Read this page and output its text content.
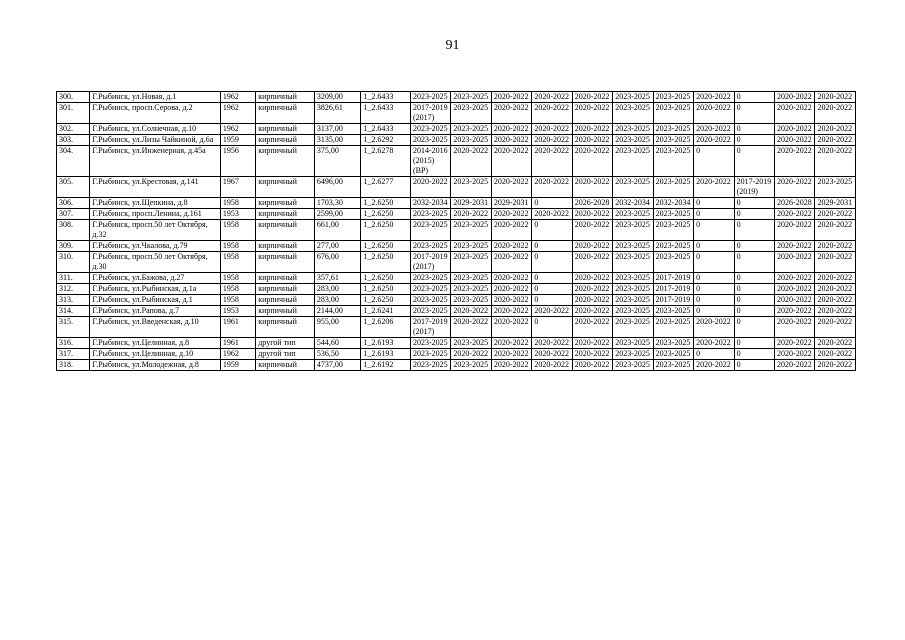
91
300.	Г.Рыбинск, ул.Новая, д.1	1962	кирпичный	3209,00	1_2.6433	2023-2025	2023-2025	2020-2022	2020-2022	2020-2022	2023-2025	2023-2025	2020-2022	0	2020-2022	2020-2022
301.	Г.Рыбинск, просп.Серова, д.2	1962	кирпичный	3826,61	1_2.6433	2017-2019 (2017)	2023-2025	2020-2022	2020-2022	2020-2022	2023-2025	2023-2025	2020-2022	0	2020-2022	2020-2022
302.	Г.Рыбинск, ул.Солнечная, д.10	1962	кирпичный	3137,00	1_2.6433	2023-2025	2023-2025	2020-2022	2020-2022	2020-2022	2023-2025	2023-2025	2020-2022	0	2020-2022	2020-2022
303.	Г.Рыбинск, ул.Лизы Чайкиной, д.6a	1959	кирпичный	3135,00	1_2.6292	2023-2025	2023-2025	2020-2022	2020-2022	2020-2022	2023-2025	2023-2025	2020-2022	0	2020-2022	2020-2022
304.	Г.Рыбинск, ул.Инженерная, д.45а	1956	кирпичный	375,00	1_2.6278	2014-2016 (2015) (ВР)	2020-2022	2020-2022	2020-2022	2020-2022	2023-2025	2023-2025	0	0	2020-2022	2020-2022
305.	Г.Рыбинск, ул.Крестовая, д.141	1967	кирпичный	6496,00	1_2.6277	2020-2022	2023-2025	2020-2022	2020-2022	2020-2022	2023-2025	2023-2025	2020-2022	2017-2019 (2019)	2020-2022	2023-2025
306.	Г.Рыбинск, ул.Щепкина, д.8	1958	кирпичный	1703,30	1_2.6250	2032-2034	2029-2031	2029-2031	0	2026-2028	2032-2034	2032-2034	0	0	2026-2028	2029-2031
307.	Г.Рыбинск, просп.Ленина, д.161	1953	кирпичный	2599,00	1_2.6250	2023-2025	2020-2022	2020-2022	2020-2022	2020-2022	2023-2025	2023-2025	0	0	2020-2022	2020-2022
308.	Г.Рыбинск, просп.50 лет Октября, д.32	1958	кирпичный	661,00	1_2.6250	2023-2025	2023-2025	2020-2022	0	2020-2022	2023-2025	2023-2025	0	0	2020-2022	2020-2022
309.	Г.Рыбинск, ул.Чкалова, д.79	1958	кирпичный	277,00	1_2.6250	2023-2025	2023-2025	2020-2022	0	2020-2022	2023-2025	2023-2025	0	0	2020-2022	2020-2022
310.	Г.Рыбинск, просп.50 лет Октября, д.30	1958	кирпичный	676,00	1_2.6250	2017-2019 (2017)	2023-2025	2020-2022	0	2020-2022	2023-2025	2023-2025	0	0	2020-2022	2020-2022
311.	Г.Рыбинск, ул.Бажова, д.27	1958	кирпичный	357,61	1_2.6250	2023-2025	2023-2025	2020-2022	0	2020-2022	2023-2025	2017-2019	0	0	2020-2022	2020-2022
312.	Г.Рыбинск, ул.Рыбинская, д.1а	1958	кирпичный	283,00	1_2.6250	2023-2025	2023-2025	2020-2022	0	2020-2022	2023-2025	2017-2019	0	0	2020-2022	2020-2022
313.	Г.Рыбинск, ул.Рыбинская, д.1	1958	кирпичный	283,00	1_2.6250	2023-2025	2023-2025	2020-2022	0	2020-2022	2023-2025	2017-2019	0	0	2020-2022	2020-2022
314.	Г.Рыбинск, ул.Рапова, д.7	1953	кирпичный	2144,00	1_2.6241	2023-2025	2020-2022	2020-2022	2020-2022	2020-2022	2023-2025	2023-2025	0	0	2020-2022	2020-2022
315.	Г.Рыбинск, ул.Введенская, д.10	1961	кирпичный	955,00	1_2.6206	2017-2019 (2017)	2020-2022	2020-2022	0	2020-2022	2023-2025	2023-2025	2020-2022	0	2020-2022	2020-2022
316.	Г.Рыбинск, ул.Целинная, д.8	1961	другой тип	544,60	1_2.6193	2023-2025	2023-2025	2020-2022	2020-2022	2020-2022	2023-2025	2023-2025	2020-2022	0	2020-2022	2020-2022
317.	Г.Рыбинск, ул.Целинная, д.10	1962	другой тип	536,50	1_2.6193	2023-2025	2020-2022	2020-2022	2020-2022	2020-2022	2023-2025	2023-2025	0	0	2020-2022	2020-2022
318.	Г.Рыбинск, ул.Молодежная, д.8	1959	кирпичный	4737,00	1_2.6192	2023-2025	2023-2025	2020-2022	2020-2022	2020-2022	2023-2025	2023-2025	2020-2022	0	2020-2022	2020-2022
